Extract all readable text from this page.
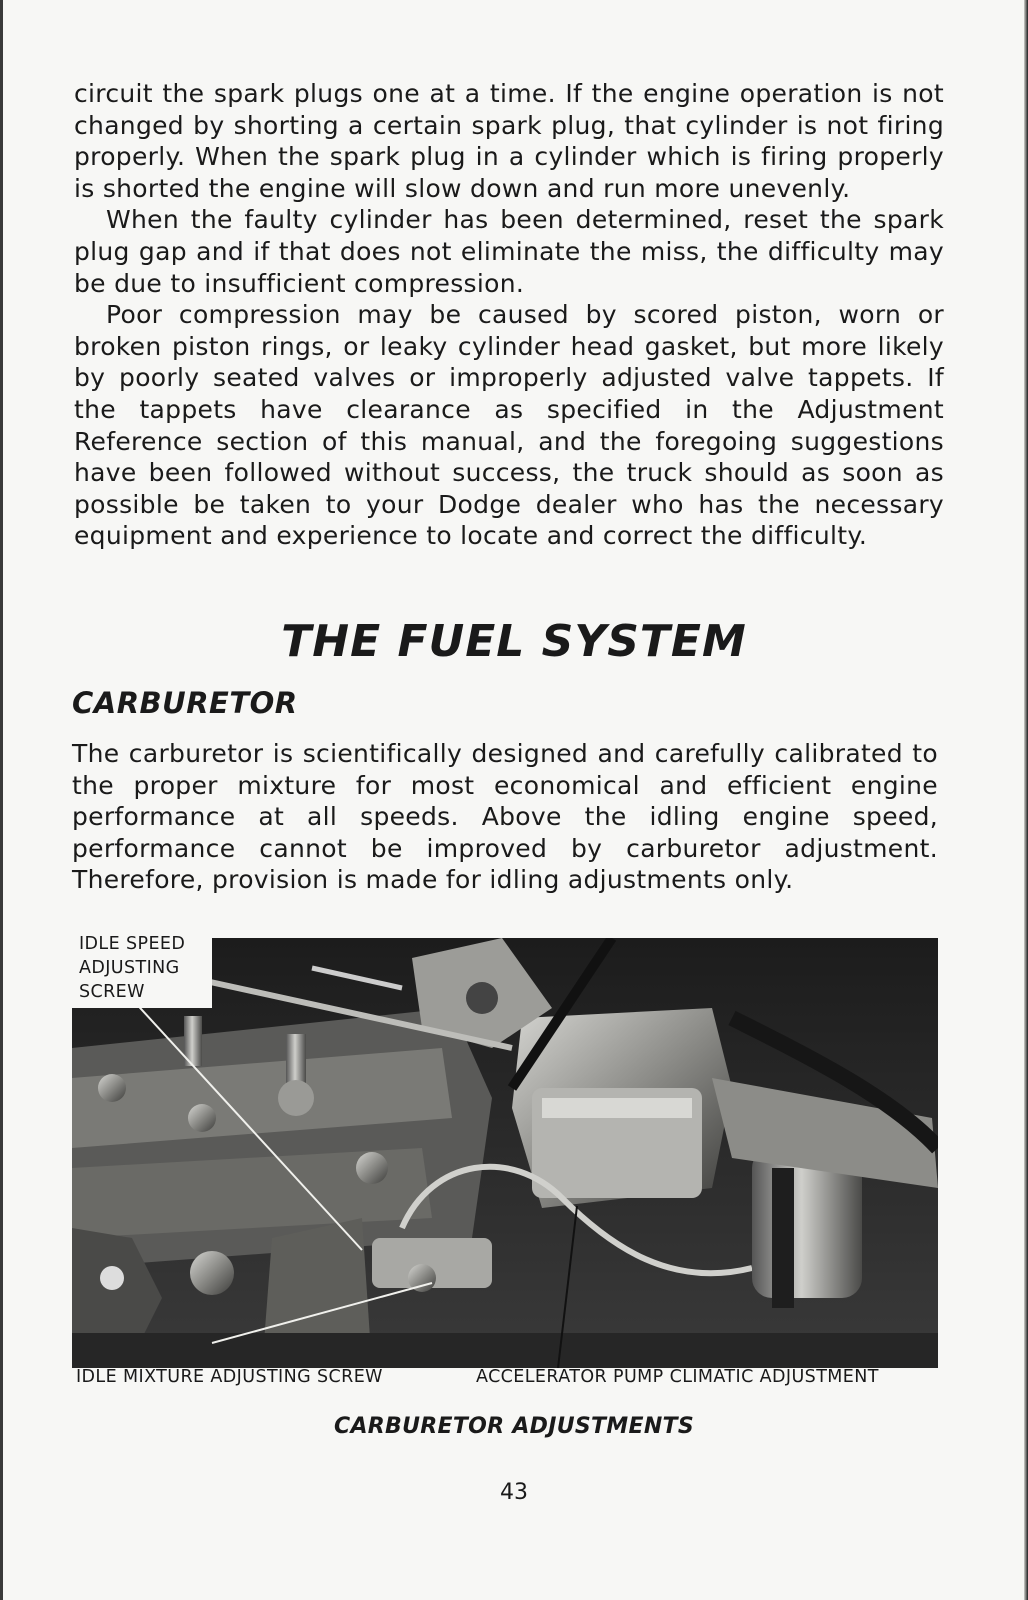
circuit the spark plugs one at a time. If the engine operation is not changed by shorting a certain spark plug, that cylinder is not firing properly. When the spark plug in a cylinder which is firing properly is shorted the engine will slow down and run more unevenly.

When the faulty cylinder has been determined, reset the spark plug gap and if that does not eliminate the miss, the difficulty may be due to insufficient compression.

Poor compression may be caused by scored piston, worn or broken piston rings, or leaky cylinder head gasket, but more likely by poorly seated valves or improperly adjusted valve tappets. If the tappets have clearance as specified in the Adjustment Reference section of this manual, and the foregoing suggestions have been followed without success, the truck should as soon as possible be taken to your Dodge dealer who has the necessary equipment and experience to locate and correct the difficulty.

THE FUEL SYSTEM
CARBURETOR

The carburetor is scientifically designed and carefully calibrated to the proper mixture for most economical and efficient engine performance at all speeds. Above the idling engine speed, performance cannot be improved by carburetor adjustment. Therefore, provision is made for idling adjustments only.

IDLE SPEED ADJUSTING SCREW

IDLE MIXTURE ADJUSTING SCREW	ACCELERATOR PUMP CLIMATIC ADJUSTMENT

CARBURETOR ADJUSTMENTS

43
